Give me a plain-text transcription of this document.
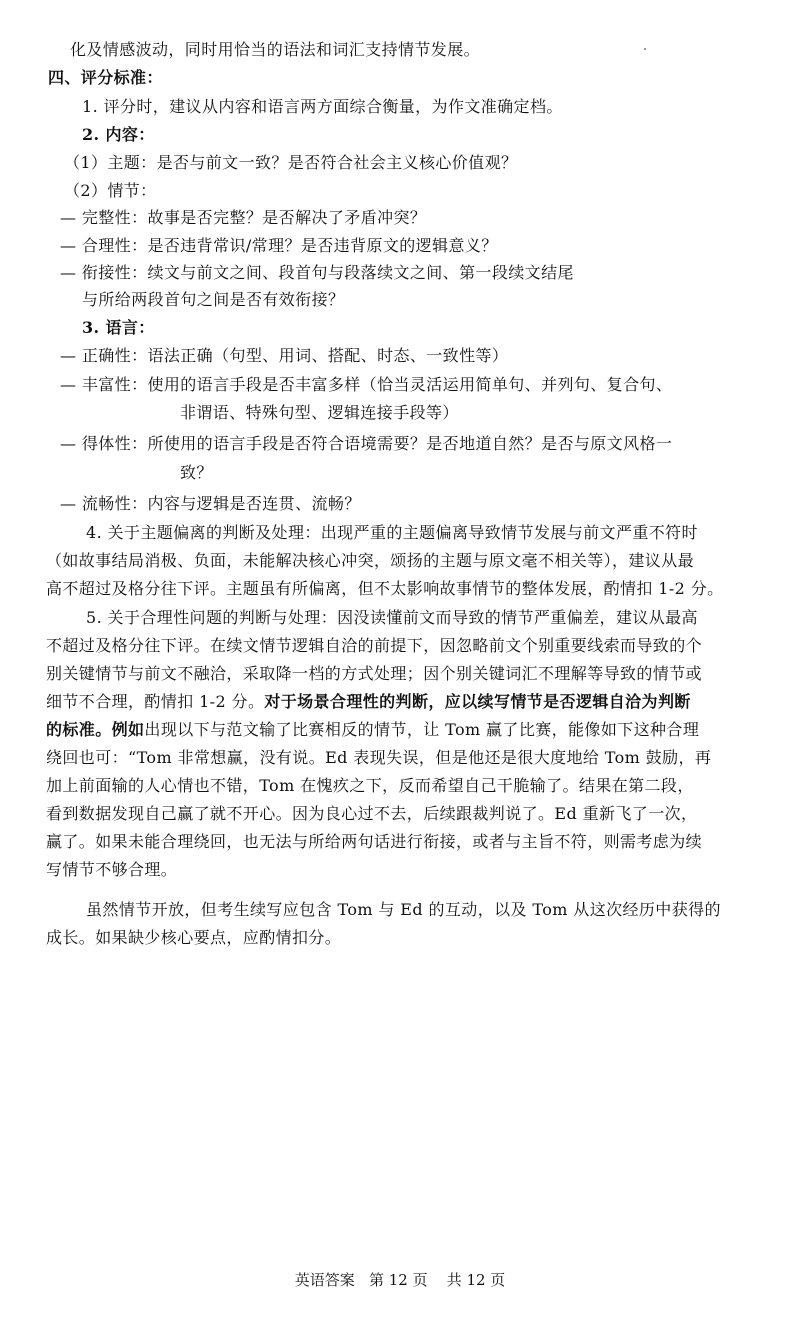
化及情感波动，同时用恰当的语法和词汇支持情节发展。
四、评分标准：
1. 评分时，建议从内容和语言两方面综合衡量，为作文准确定档。
2. 内容：
（1）主题：是否与前文一致？是否符合社会主义核心价值观？
（2）情节：
— 完整性：故事是否完整？是否解决了矛盾冲突？
— 合理性：是否违背常识/常理？是否违背原文的逻辑意义？
— 衔接性：续文与前文之间、段首句与段落续文之间、第一段续文结尾
与所给两段首句之间是否有效衔接？
3. 语言：
— 正确性：语法正确（句型、用词、搭配、时态、一致性等）
— 丰富性：使用的语言手段是否丰富多样（恰当灵活运用简单句、并列句、复合句、
非谓语、特殊句型、逻辑连接手段等）
— 得体性：所使用的语言手段是否符合语境需要？是否地道自然？是否与原文风格一
致？
— 流畅性：内容与逻辑是否连贯、流畅？
4. 关于主题偏离的判断及处理：出现严重的主题偏离导致情节发展与前文严重不符时
（如故事结局消极、负面，未能解决核心冲突，颂扬的主题与原文毫不相关等），建议从最
高不超过及格分往下评。主题虽有所偏离，但不太影响故事情节的整体发展，酌情扣 1-2 分。
5. 关于合理性问题的判断与处理：因没读懂前文而导致的情节严重偏差，建议从最高
不超过及格分往下评。在续文情节逻辑自洽的前提下，因忽略前文个别重要线索而导致的个
别关键情节与前文不融洽，采取降一档的方式处理；因个别关键词汇不理解等导致的情节或
细节不合理，酌情扣 1-2 分。对于场景合理性的判断，应以续写情节是否逻辑自洽为判断
的标准。例如出现以下与范文输了比赛相反的情节，让 Tom 赢了比赛，能像如下这种合理
绕回也可：“Tom 非常想赢，没有说。Ed 表现失误，但是他还是很大度地给 Tom 鼓励，再
加上前面输的人心情也不错，Tom 在愧疚之下，反而希望自己干脆输了。结果在第二段，
看到数据发现自己赢了就不开心。因为良心过不去，后续跟裁判说了。Ed 重新飞了一次，
赢了。如果未能合理绕回，也无法与所给两句话进行衔接，或者与主旨不符，则需考虑为续
写情节不够合理。
虽然情节开放，但考生续写应包含 Tom 与 Ed 的互动，以及 Tom 从这次经历中获得的
成长。如果缺少核心要点，应酌情扣分。
英语答案   第 12 页    共 12 页
